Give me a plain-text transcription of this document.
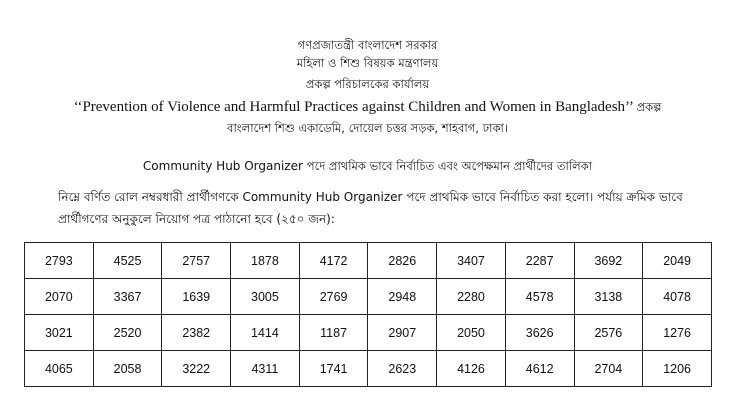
গণপ্রজাতন্ত্রী বাংলাদেশ সরকার
মহিলা ও শিশু বিষয়ক মন্ত্রণালয়
প্রকল্প পরিচালকের কার্যালয়
‘‘Prevention of Violence and Harmful Practices against Children and Women in Bangladesh’’ প্রকল্প
বাংলাদেশ শিশু একাডেমি, দোয়েল চত্তর সড়ক, শাহবাগ, ঢাকা।
Community Hub Organizer পদে প্রাথমিক ভাবে নির্বাচিত এবং অপেক্ষমান প্রার্থীদের তালিকা
নিম্নে বর্ণিত রোল নম্বরধারী প্রার্থীগণকে Community Hub Organizer পদে প্রাথমিক ভাবে নির্বাচিত করা হলো। পর্যায় ক্রমিক ভাবে প্রার্থীগণের অনুকুলে নিয়োগ পত্র পাঠানো হবে (২৫০ জন):
2793	4525	2757	1878	4172	2826	3407	2287	3692	2049
2070	3367	1639	3005	2769	2948	2280	4578	3138	4078
3021	2520	2382	1414	1187	2907	2050	3626	2576	1276
4065	2058	3222	4311	1741	2623	4126	4612	2704	1206
